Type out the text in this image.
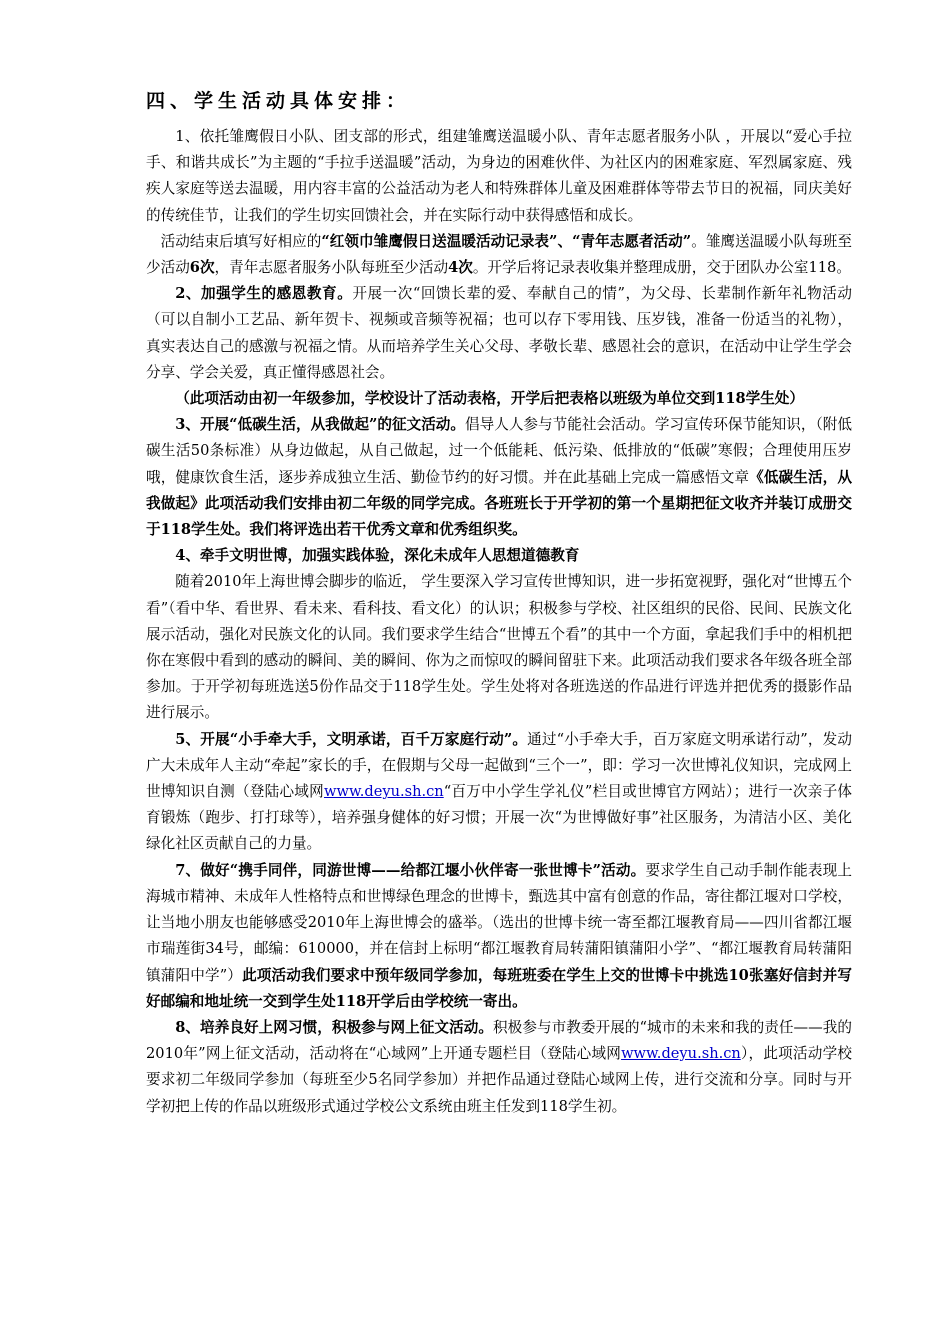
四、学生活动具体安排：

1、依托雏鹰假日小队、团支部的形式，组建雏鹰送温暖小队、青年志愿者服务小队 ，开展以“爱心手拉手、和谐共成长”为主题的“手拉手送温暖”活动，为身边的困难伙伴、为社区内的困难家庭、军烈属家庭、残疾人家庭等送去温暖，用内容丰富的公益活动为老人和特殊群体儿童及困难群体等带去节日的祝福，同庆美好的传统佳节，让我们的学生切实回馈社会，并在实际行动中获得感悟和成长。

活动结束后填写好相应的“红领巾雏鹰假日送温暖活动记录表”、“青年志愿者活动”。雏鹰送温暖小队每班至少活动6次，青年志愿者服务小队每班至少活动4次。开学后将记录表收集并整理成册，交于团队办公室118。

2、加强学生的感恩教育。开展一次“回馈长辈的爱、奉献自己的情”，为父母、长辈制作新年礼物活动（可以自制小工艺品、新年贺卡、视频或音频等祝福；也可以存下零用钱、压岁钱，准备一份适当的礼物），真实表达自己的感激与祝福之情。从而培养学生关心父母、孝敬长辈、感恩社会的意识，在活动中让学生学会分享、学会关爱，真正懂得感恩社会。

（此项活动由初一年级参加，学校设计了活动表格，开学后把表格以班级为单位交到118学生处）

3、开展“低碳生活，从我做起”的征文活动。倡导人人参与节能社会活动。学习宣传环保节能知识，（附低碳生活50条标准）从身边做起，从自己做起，过一个低能耗、低污染、低排放的“低碳”寒假；合理使用压岁哦，健康饮食生活，逐步养成独立生活、勤俭节约的好习惯。并在此基础上完成一篇感悟文章《低碳生活，从我做起》此项活动我们安排由初二年级的同学完成。各班班长于开学初的第一个星期把征文收齐并装订成册交于118学生处。我们将评选出若干优秀文章和优秀组织奖。

4、牵手文明世博，加强实践体验，深化未成年人思想道德教育

随着2010年上海世博会脚步的临近， 学生要深入学习宣传世博知识，进一步拓宽视野，强化对“世博五个看”（看中华、看世界、看未来、看科技、看文化）的认识；积极参与学校、社区组织的民俗、民间、民族文化展示活动，强化对民族文化的认同。我们要求学生结合“世博五个看”的其中一个方面，拿起我们手中的相机把你在寒假中看到的感动的瞬间、美的瞬间、你为之而惊叹的瞬间留驻下来。此项活动我们要求各年级各班全部参加。于开学初每班选送5份作品交于118学生处。学生处将对各班选送的作品进行评选并把优秀的摄影作品进行展示。

5、开展“小手牵大手，文明承诺，百千万家庭行动”。通过“小手牵大手，百万家庭文明承诺行动”，发动广大未成年人主动“牵起”家长的手，在假期与父母一起做到“三个一”，即：学习一次世博礼仪知识，完成网上世博知识自测（登陆心域网www.deyu.sh.cn“百万中小学生学礼仪”栏目或世博官方网站）；进行一次亲子体育锻炼（跑步、打打球等），培养强身健体的好习惯；开展一次“为世博做好事”社区服务，为清洁小区、美化绿化社区贡献自己的力量。

7、做好“携手同伴，同游世博——给都江堰小伙伴寄一张世博卡”活动。要求学生自己动手制作能表现上海城市精神、未成年人性格特点和世博绿色理念的世博卡，甄选其中富有创意的作品，寄往都江堰对口学校，让当地小朋友也能够感受2010年上海世博会的盛举。（选出的世博卡统一寄至都江堰教育局——四川省都江堰市瑞莲街34号，邮编：610000，并在信封上标明“都江堰教育局转蒲阳镇蒲阳小学”、“都江堰教育局转蒲阳镇蒲阳中学”）此项活动我们要求中预年级同学参加，每班班委在学生上交的世博卡中挑选10张塞好信封并写好邮编和地址统一交到学生处118开学后由学校统一寄出。

8、培养良好上网习惯，积极参与网上征文活动。积极参与市教委开展的“城市的未来和我的责任——我的2010年”网上征文活动，活动将在“心域网”上开通专题栏目（登陆心域网www.deyu.sh.cn），此项活动学校要求初二年级同学参加（每班至少5名同学参加）并把作品通过登陆心域网上传，进行交流和分享。同时与开学初把上传的作品以班级形式通过学校公文系统由班主任发到118学生初。
